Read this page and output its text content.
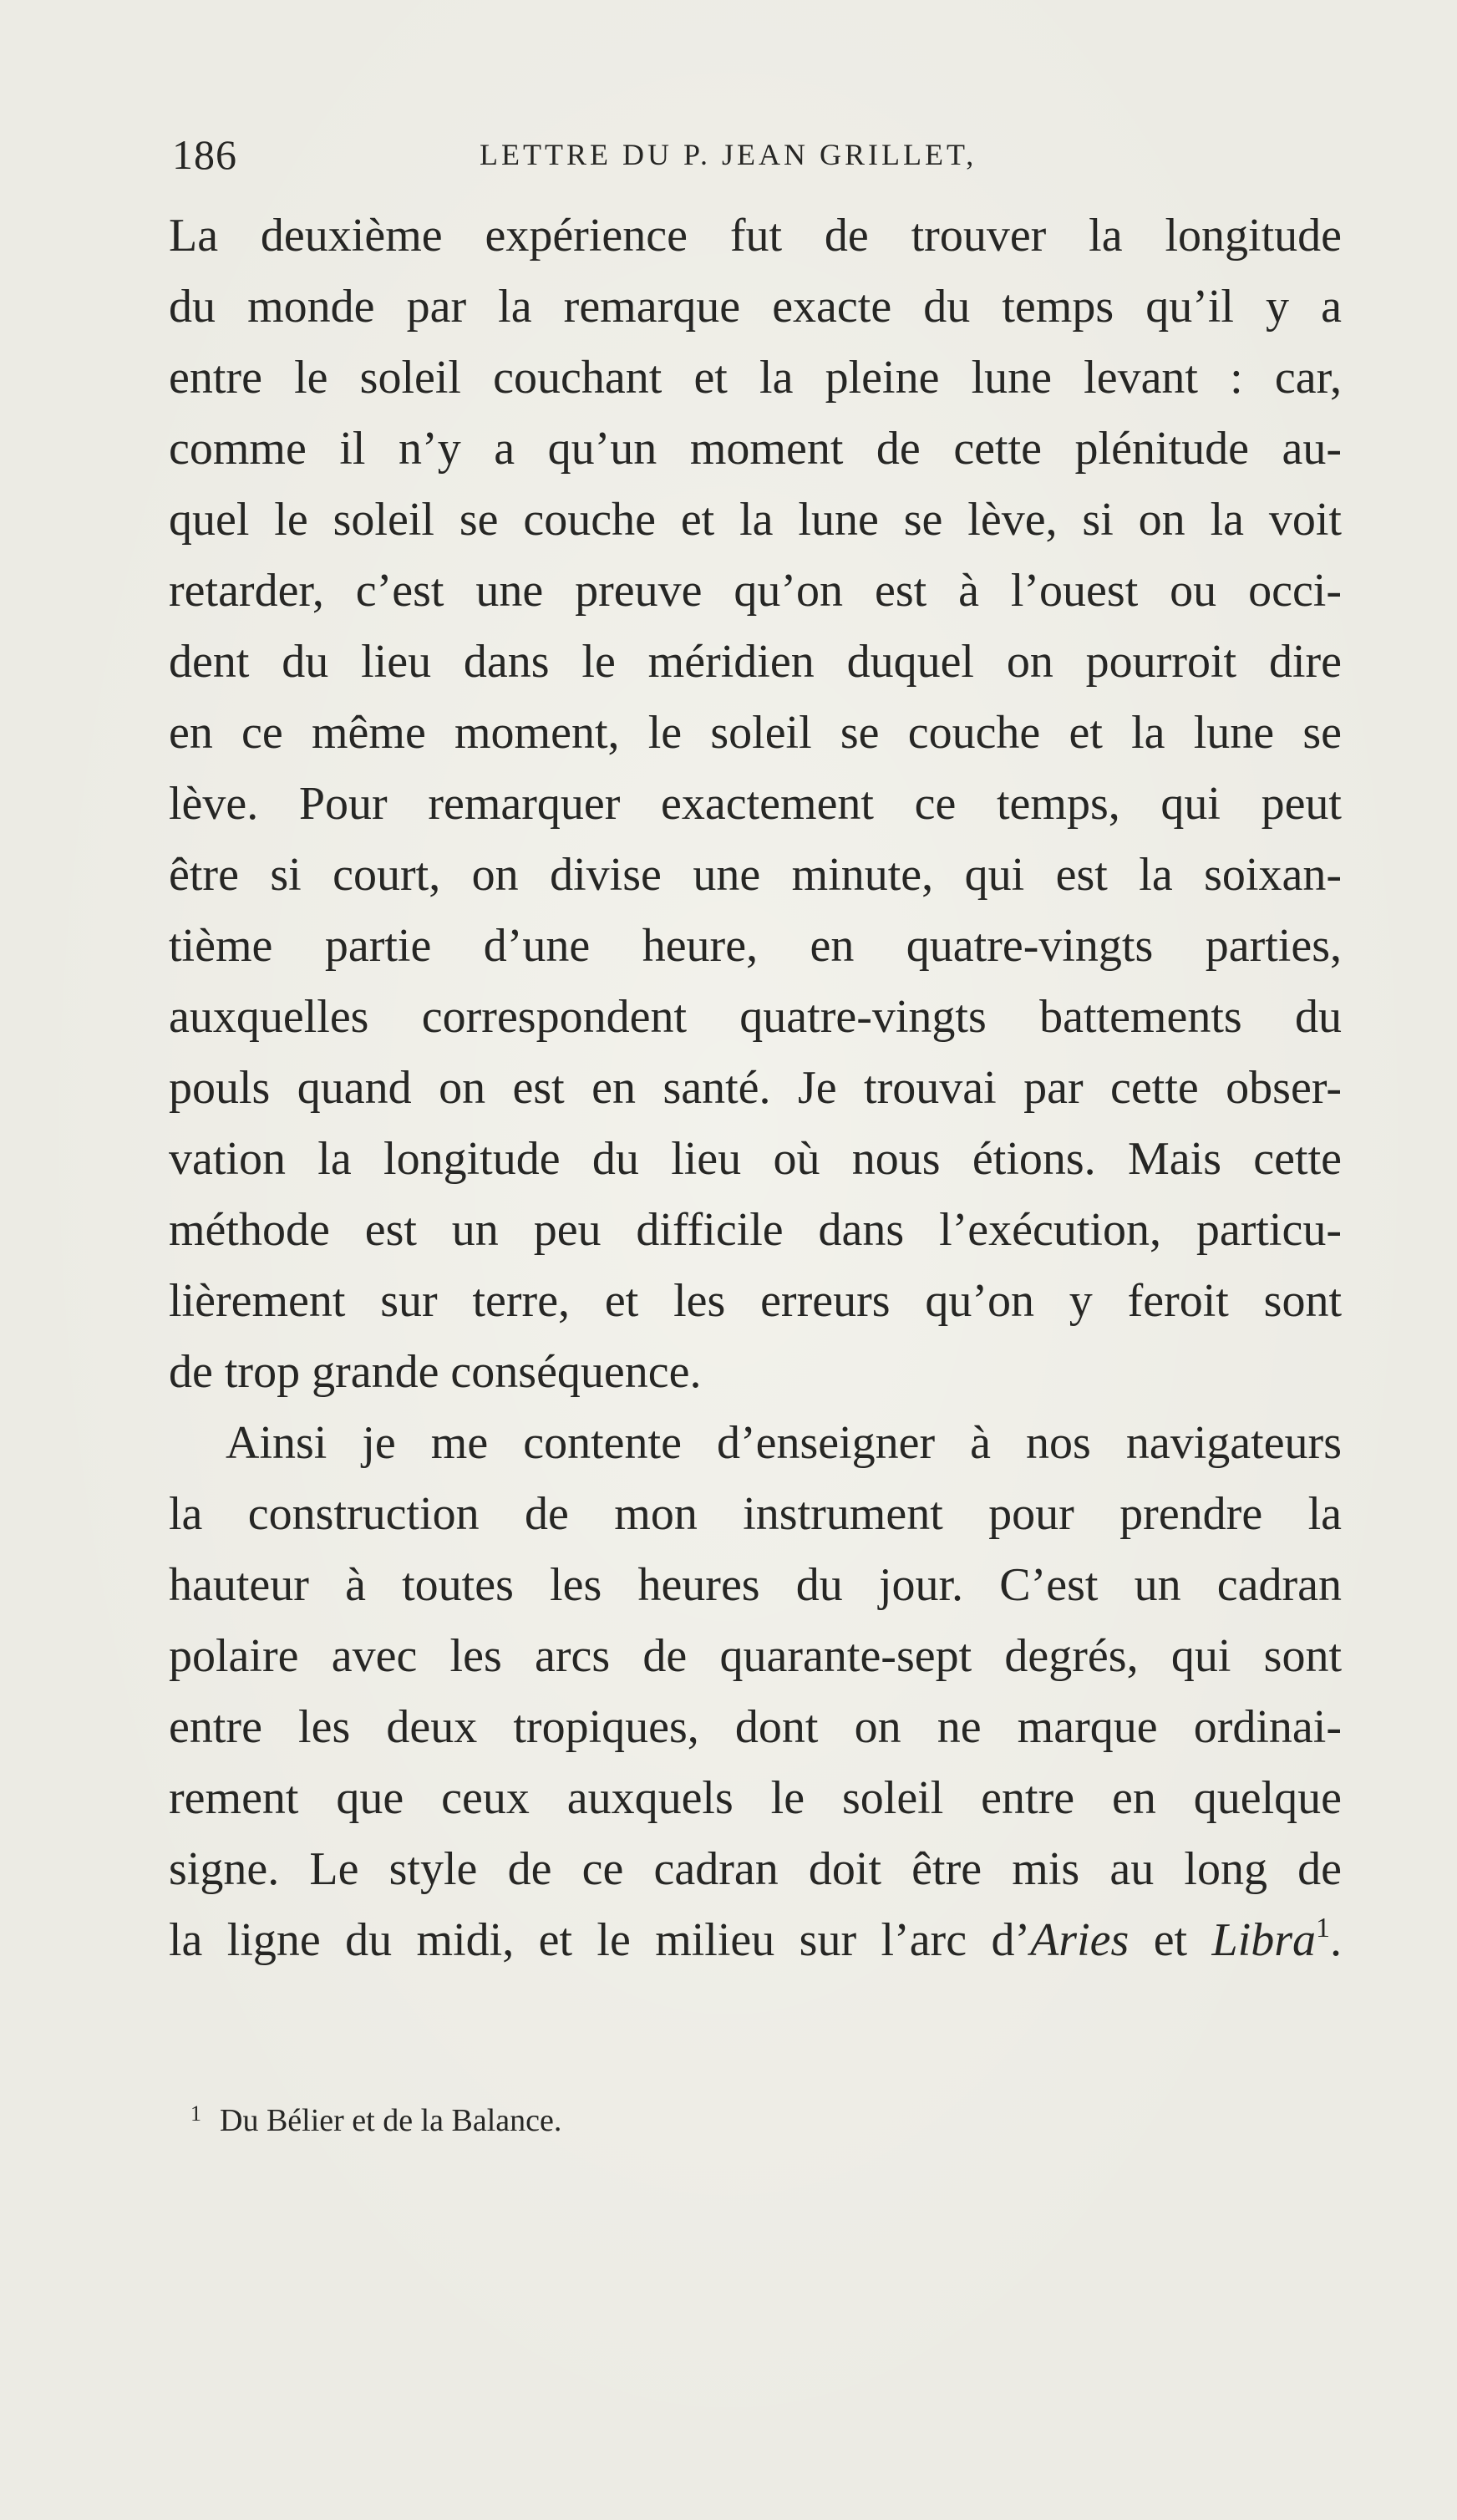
186	LETTRE DU P. JEAN GRILLET,
La deuxième expérience fut de trouver la longitude
du monde par la remarque exacte du temps qu’il y a
entre le soleil couchant et la pleine lune levant : car,
comme il n’y a qu’un moment de cette plénitude au-
quel le soleil se couche et la lune se lève, si on la voit
retarder, c’est une preuve qu’on est à l’ouest ou occi-
dent du lieu dans le méridien duquel on pourroit dire
en ce même moment, le soleil se couche et la lune se
lève. Pour remarquer exactement ce temps, qui peut
être si court, on divise une minute, qui est la soixan-
tième partie d’une heure, en quatre-vingts parties,
auxquelles correspondent quatre-vingts battements du
pouls quand on est en santé. Je trouvai par cette obser-
vation la longitude du lieu où nous étions. Mais cette
méthode est un peu difficile dans l’exécution, particu-
lièrement sur terre, et les erreurs qu’on y feroit sont
de trop grande conséquence.
Ainsi je me contente d’enseigner à nos navigateurs
la construction de mon instrument pour prendre la
hauteur à toutes les heures du jour. C’est un cadran
polaire avec les arcs de quarante-sept degrés, qui sont
entre les deux tropiques, dont on ne marque ordinai-
rement que ceux auxquels le soleil entre en quelque
signe. Le style de ce cadran doit être mis au long de
la ligne du midi, et le milieu sur l’arc d’Aries et Libra$^1$.
$^1$ Du Bélier et de la Balance.
